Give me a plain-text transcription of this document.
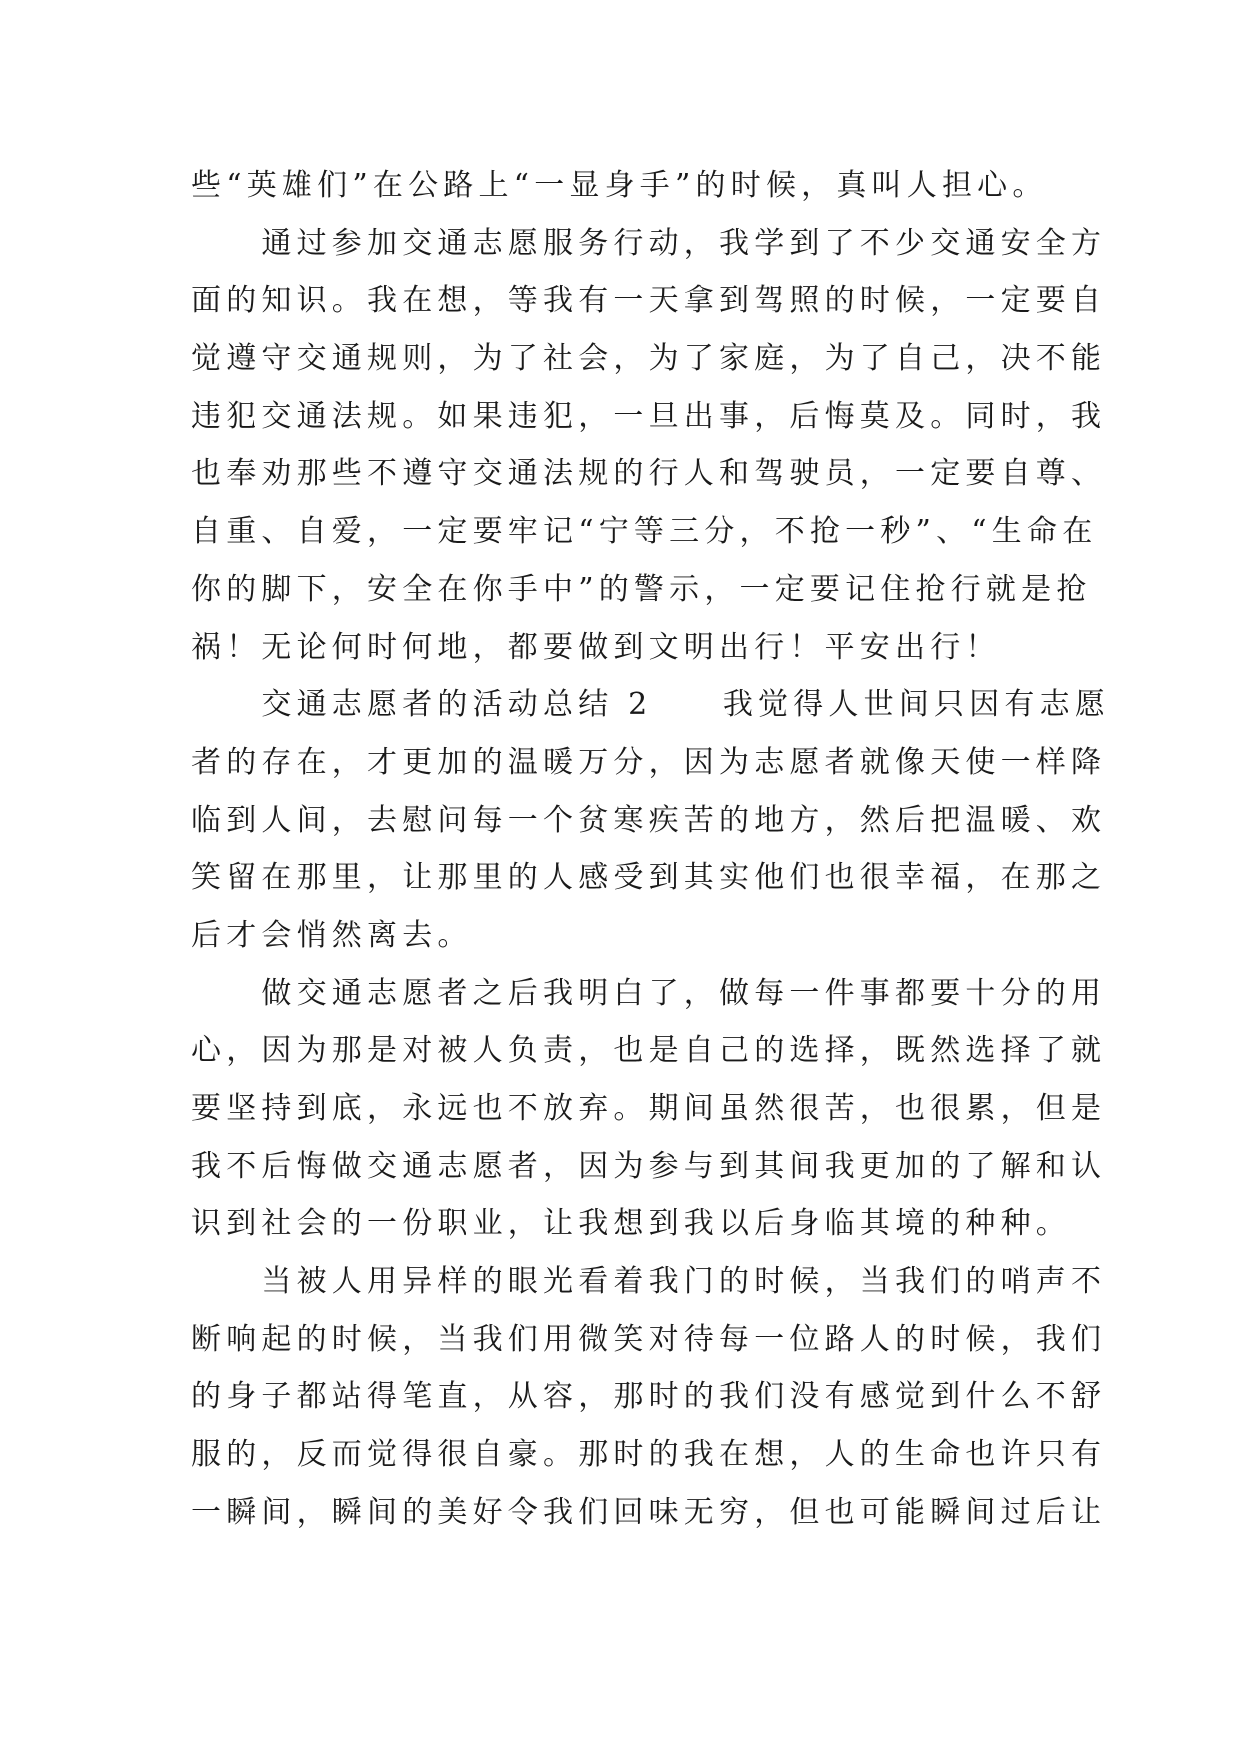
些“英雄们”在公路上“一显身手”的时候，真叫人担心。
　　通过参加交通志愿服务行动，我学到了不少交通安全方
面的知识。我在想，等我有一天拿到驾照的时候，一定要自
觉遵守交通规则，为了社会，为了家庭，为了自己，决不能
违犯交通法规。如果违犯，一旦出事，后悔莫及。同时，我
也奉劝那些不遵守交通法规的行人和驾驶员，一定要自尊、
自重、自爱，一定要牢记“宁等三分，不抢一秒”、“生命在
你的脚下，安全在你手中”的警示，一定要记住抢行就是抢
祸！无论何时何地，都要做到文明出行！平安出行！
　　交通志愿者的活动总结 2　　我觉得人世间只因有志愿
者的存在，才更加的温暖万分，因为志愿者就像天使一样降
临到人间，去慰问每一个贫寒疾苦的地方，然后把温暖、欢
笑留在那里，让那里的人感受到其实他们也很幸福，在那之
后才会悄然离去。
　　做交通志愿者之后我明白了，做每一件事都要十分的用
心，因为那是对被人负责，也是自己的选择，既然选择了就
要坚持到底，永远也不放弃。期间虽然很苦，也很累，但是
我不后悔做交通志愿者，因为参与到其间我更加的了解和认
识到社会的一份职业，让我想到我以后身临其境的种种。
　　当被人用异样的眼光看着我门的时候，当我们的哨声不
断响起的时候，当我们用微笑对待每一位路人的时候，我们
的身子都站得笔直，从容，那时的我们没有感觉到什么不舒
服的，反而觉得很自豪。那时的我在想，人的生命也许只有
一瞬间，瞬间的美好令我们回味无穷，但也可能瞬间过后让
